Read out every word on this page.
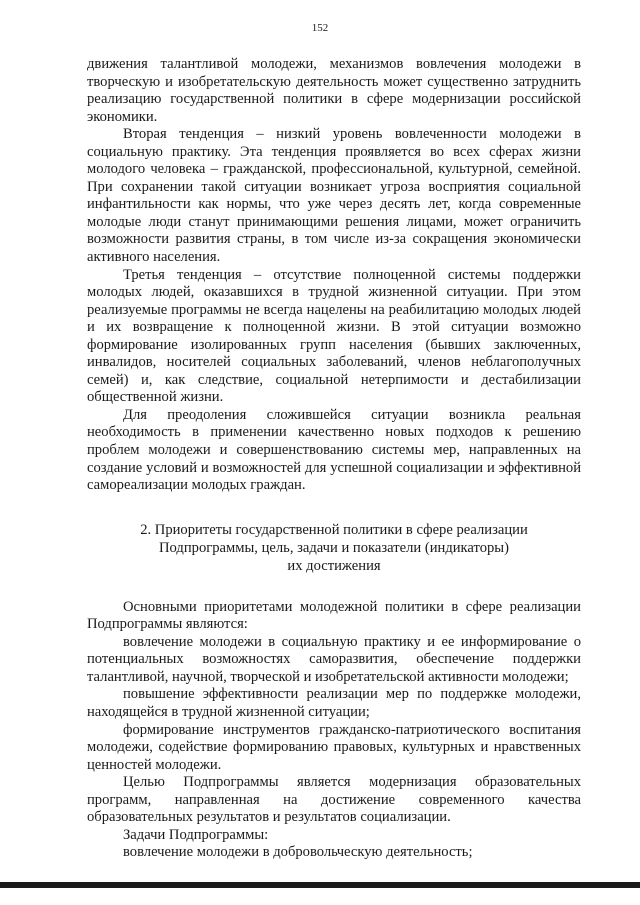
152

движения талантливой молодежи, механизмов вовлечения молодежи в творческую и изобретательскую деятельность может существенно затруднить реализацию государственной политики в сфере модернизации российской экономики.

Вторая тенденция – низкий уровень вовлеченности молодежи в социальную практику. Эта тенденция проявляется во всех сферах жизни молодого человека – гражданской, профессиональной, культурной, семейной. При сохранении такой ситуации возникает угроза восприятия социальной инфантильности как нормы, что уже через десять лет, когда современные молодые люди станут принимающими решения лицами, может ограничить возможности развития страны, в том числе из-за сокращения экономически активного населения.

Третья тенденция – отсутствие полноценной системы поддержки молодых людей, оказавшихся в трудной жизненной ситуации. При этом реализуемые программы не всегда нацелены на реабилитацию молодых людей и их возвращение к полноценной жизни. В этой ситуации возможно формирование изолированных групп населения (бывших заключенных, инвалидов, носителей социальных заболеваний, членов неблагополучных семей) и, как следствие, социальной нетерпимости и дестабилизации общественной жизни.

Для преодоления сложившейся ситуации возникла реальная необходимость в применении качественно новых подходов к решению проблем молодежи и совершенствованию системы мер, направленных на создание условий и возможностей для успешной социализации и эффективной самореализации молодых граждан.

2. Приоритеты государственной политики в сфере реализации
Подпрограммы, цель, задачи и показатели (индикаторы)
их достижения

Основными приоритетами молодежной политики в сфере реализации Подпрограммы являются:

вовлечение молодежи в социальную практику и ее информирование о потенциальных возможностях саморазвития, обеспечение поддержки талантливой, научной, творческой и изобретательской активности молодежи;

повышение эффективности реализации мер по поддержке молодежи, находящейся в трудной жизненной ситуации;

формирование инструментов гражданско-патриотического воспитания молодежи, содействие формированию правовых, культурных и нравственных ценностей молодежи.

Целью Подпрограммы является модернизация образовательных программ, направленная на достижение современного качества образовательных результатов и результатов социализации.

Задачи Подпрограммы:

вовлечение молодежи в добровольческую деятельность;
